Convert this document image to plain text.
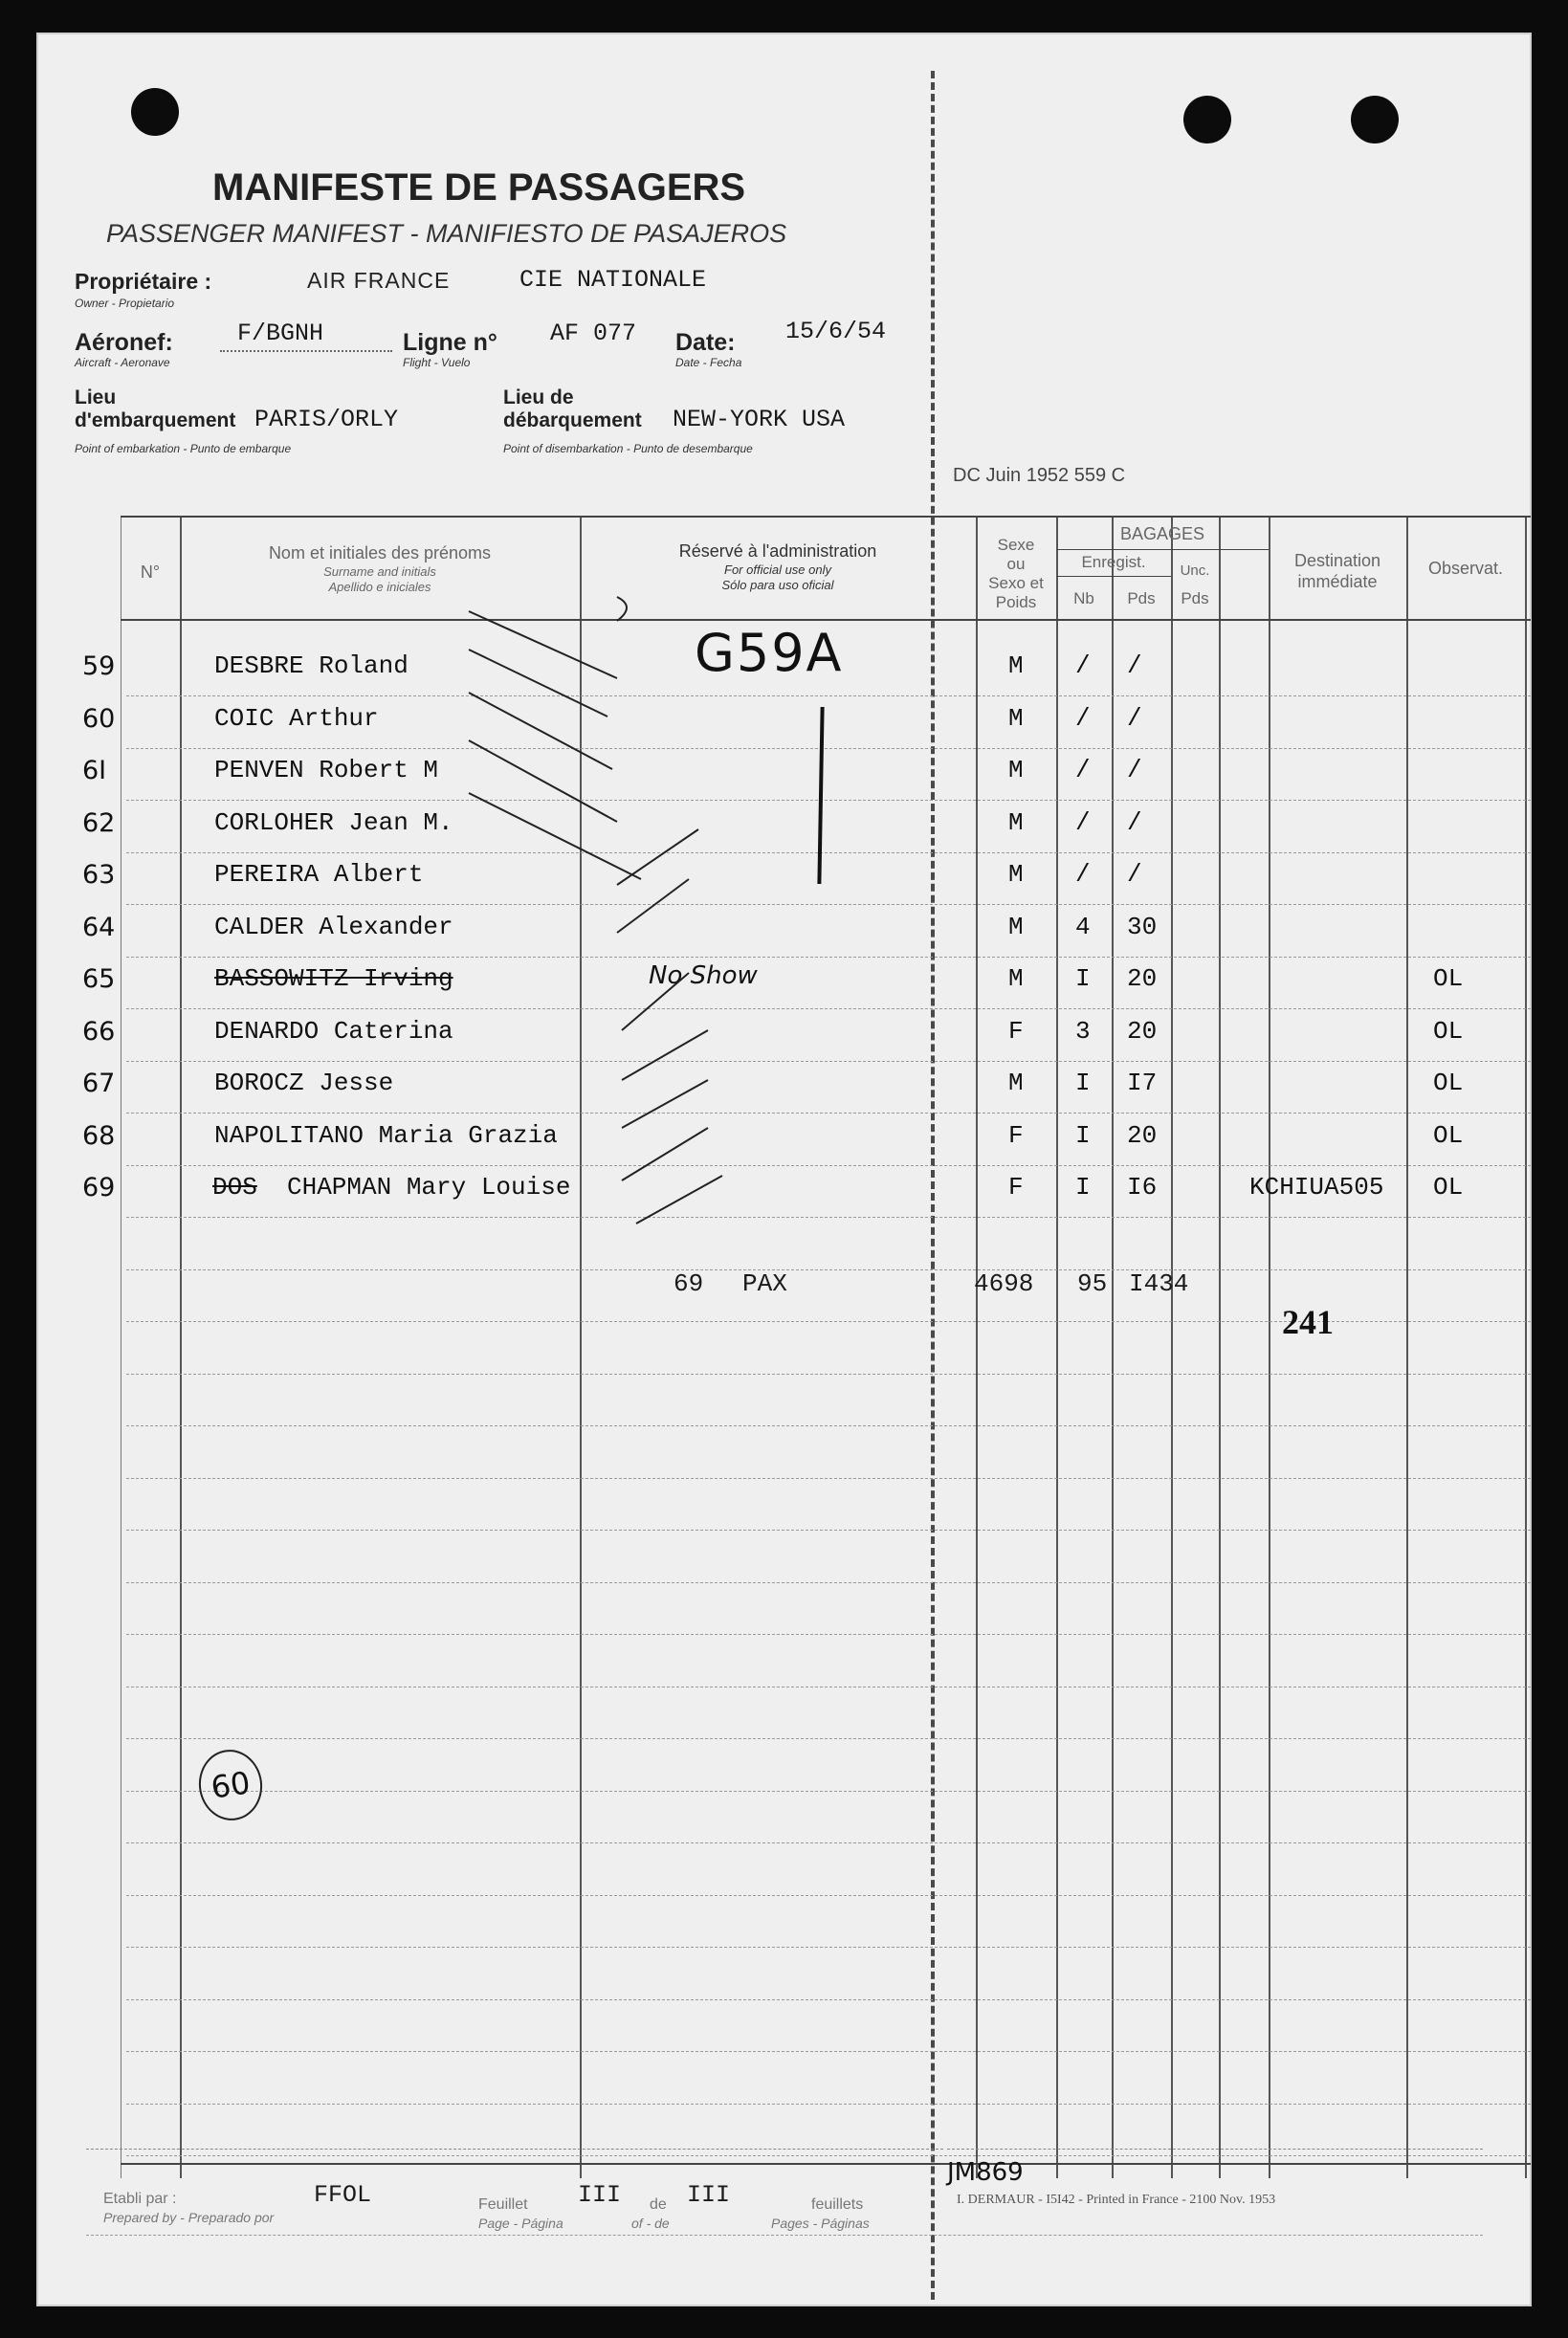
MANIFESTE DE PASSAGERS
PASSENGER MANIFEST - MANIFIESTO DE PASAJEROS
Propriétaire :
Owner - Propietario
AIR FRANCE	CIE NATIONALE
Aéronef:
Aircraft - Aeronave
F/BGNH	Ligne n°
Flight - Vuelo
AF 077 Date:
Date - Fecha
15/6/54
Lieu
d'embarquement
Point of embarkation - Punto de embarque
PARIS/ORLY
Lieu de
débarquement
Point of disembarkation - Punto de desembarque
NEW-YORK USA
DC Juin 1952 559 C
N°
Nom et initiales des prénoms
Surname and initials
Apellido e iniciales
Réservé à l'administration
For official use only
Sólo para uso oficial
Sexe
ou
Sexo et
Poids
BAGAGES
Enregist.
Nb	Pds
Unc.
Pds
Destination
immédiate
Observat.
59	DESBRE Roland	M / /
60	COIC Arthur	M / /
6I	PENVEN Robert M	M / /
62	CORLOHER Jean M.	M / /
63	PEREIRA Albert	M / /
64	CALDER Alexander	M 4 30
65	BASSOWITZ Irving	M I 20	OL
66	DENARDO Caterina	F 3 20	OL
67	BOROCZ Jesse	M I I7	OL
68	NAPOLITANO Maria Grazia	F I 20	OL
69	DOS CHAPMAN Mary Louise	F I I6	KCHIUA505 OL
69 PAX	4698 95 I434
241
G59A
No Show
60
Etabli par :
Prepared by - Preparado por
FFOL	Feuillet
Page - Página
III de
of - de
III	feuillets
Pages - Páginas
JM869
I. DERMAUR - I5I42 - Printed in France - 2100 Nov. 1953
